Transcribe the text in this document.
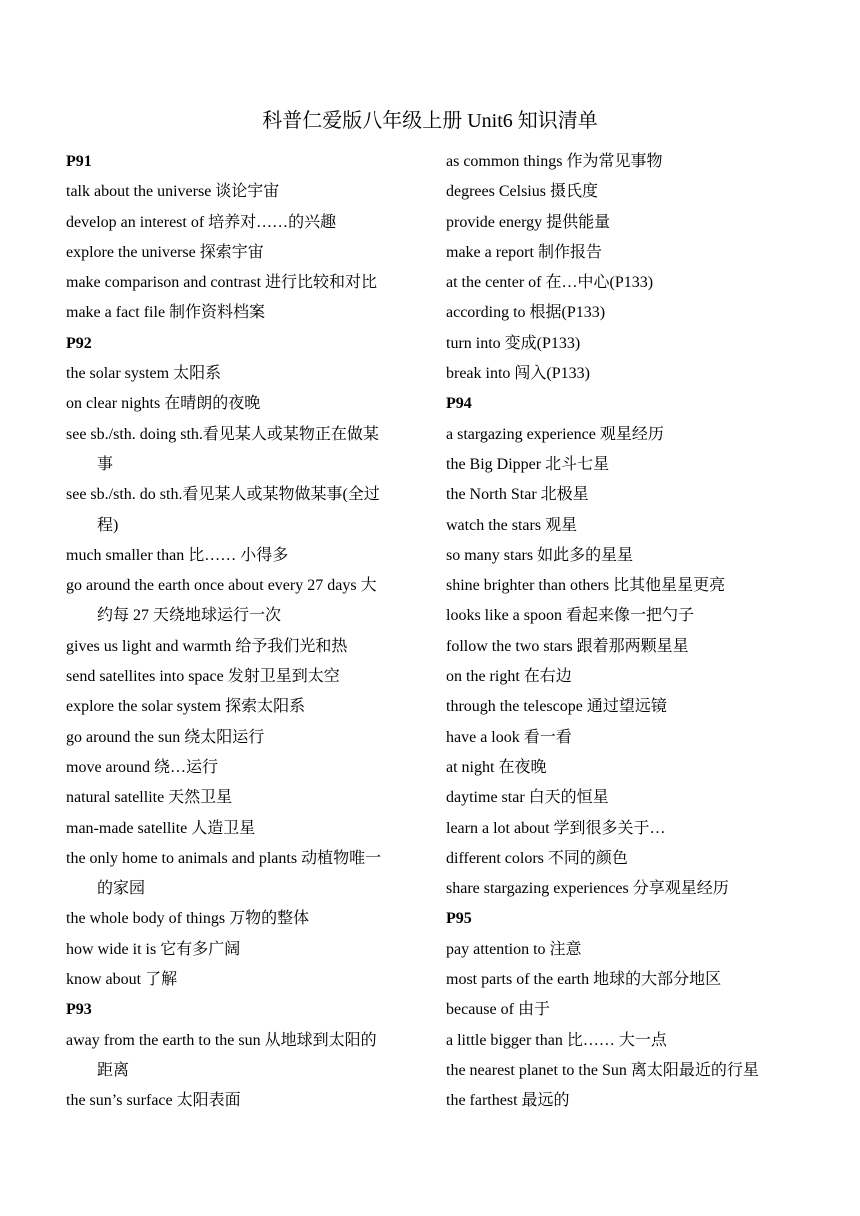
科普仁爱版八年级上册 Unit6 知识清单
P91
talk about the universe 谈论宇宙
develop an interest of 培养对……的兴趣
explore the universe 探索宇宙
make comparison and contrast 进行比较和对比
make a fact file 制作资料档案
P92
the solar system 太阳系
on clear nights 在晴朗的夜晚
see sb./sth. doing sth.看见某人或某物正在做某
事
see sb./sth. do sth.看见某人或某物做某事(全过
程)
much smaller than 比…… 小得多
go around the earth once about every 27 days 大
约每 27 天绕地球运行一次
gives us light and warmth 给予我们光和热
send satellites into space 发射卫星到太空
explore the solar system 探索太阳系
go around the sun 绕太阳运行
move around 绕…运行
natural satellite 天然卫星
man-made satellite 人造卫星
the only home to animals and plants 动植物唯一
的家园
the whole body of things 万物的整体
how wide it is 它有多广阔
know about 了解
P93
away from the earth to the sun 从地球到太阳的
距离
the sun’s surface 太阳表面
as common things 作为常见事物
degrees Celsius 摄氏度
provide energy 提供能量
make a report 制作报告
at the center of 在…中心(P133)
according to 根据(P133)
turn into 变成(P133)
break into 闯入(P133)
P94
a stargazing experience 观星经历
the Big Dipper 北斗七星
the North Star 北极星
watch the stars 观星
so many stars 如此多的星星
shine brighter than others 比其他星星更亮
looks like a spoon 看起来像一把勺子
follow the two stars 跟着那两颗星星
on the right 在右边
through the telescope 通过望远镜
have a look 看一看
at night 在夜晚
daytime star 白天的恒星
learn a lot about 学到很多关于…
different colors 不同的颜色
share stargazing experiences 分享观星经历
P95
pay attention to 注意
most parts of the earth 地球的大部分地区
because of 由于
a little bigger than 比…… 大一点
the nearest planet to the Sun 离太阳最近的行星
the farthest 最远的
